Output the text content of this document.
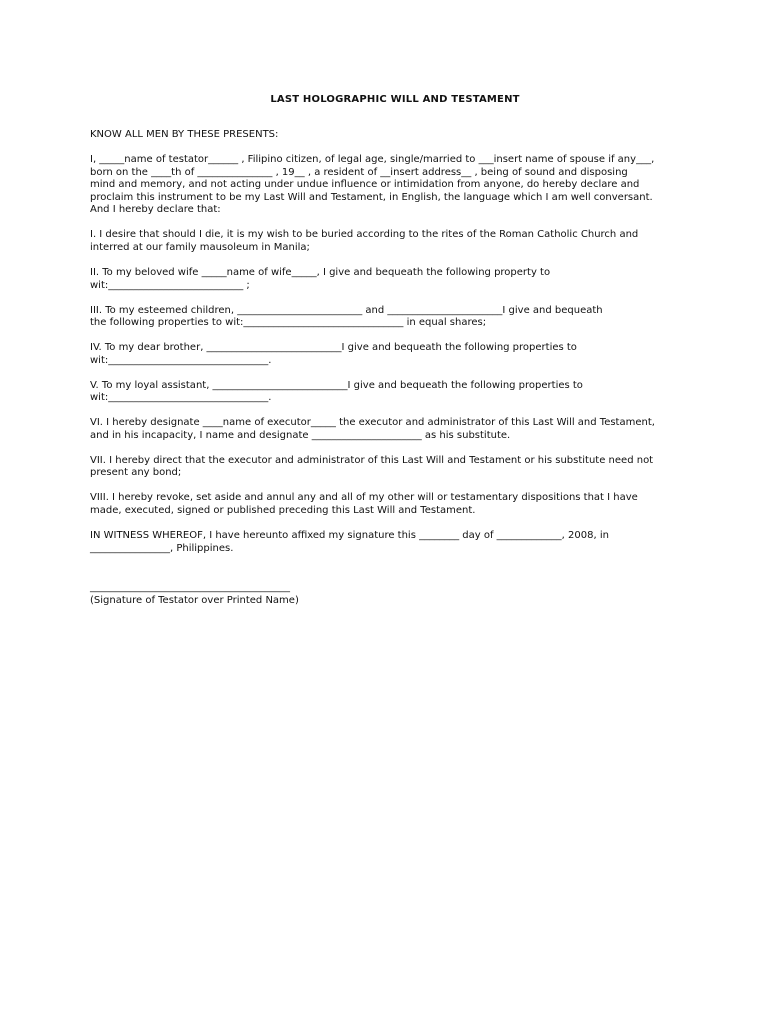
LAST HOLOGRAPHIC WILL AND TESTAMENT
KNOW ALL MEN BY THESE PRESENTS:
I, _____name of testator______ , Filipino citizen, of legal age, single/married to ___insert name of spouse if any___,
born on the ____th of _______________ , 19__ , a resident of __insert address__ , being of sound and disposing
mind and memory, and not acting under undue influence or intimidation from anyone, do hereby declare and
proclaim this instrument to be my Last Will and Testament, in English, the language which I am well conversant.
And I hereby declare that:
I. I desire that should I die, it is my wish to be buried according to the rites of the Roman Catholic Church and
interred at our family mausoleum in Manila;
II. To my beloved wife _____name of wife_____, I give and bequeath the following property to
wit:___________________________ ;
III. To my esteemed children, _________________________ and _______________________I give and bequeath
the following properties to wit:________________________________ in equal shares;
IV. To my dear brother, ___________________________I give and bequeath the following properties to
wit:________________________________.
V. To my loyal assistant, ___________________________I give and bequeath the following properties to
wit:________________________________.
VI. I hereby designate ____name of executor_____ the executor and administrator of this Last Will and Testament,
and in his incapacity, I name and designate ______________________ as his substitute.
VII. I hereby direct that the executor and administrator of this Last Will and Testament or his substitute need not
present any bond;
VIII. I hereby revoke, set aside and annul any and all of my other will or testamentary dispositions that I have
made, executed, signed or published preceding this Last Will and Testament.
IN WITNESS WHEREOF, I have hereunto affixed my signature this ________ day of _____________, 2008, in
________________, Philippines.
________________________________________
(Signature of Testator over Printed Name)
